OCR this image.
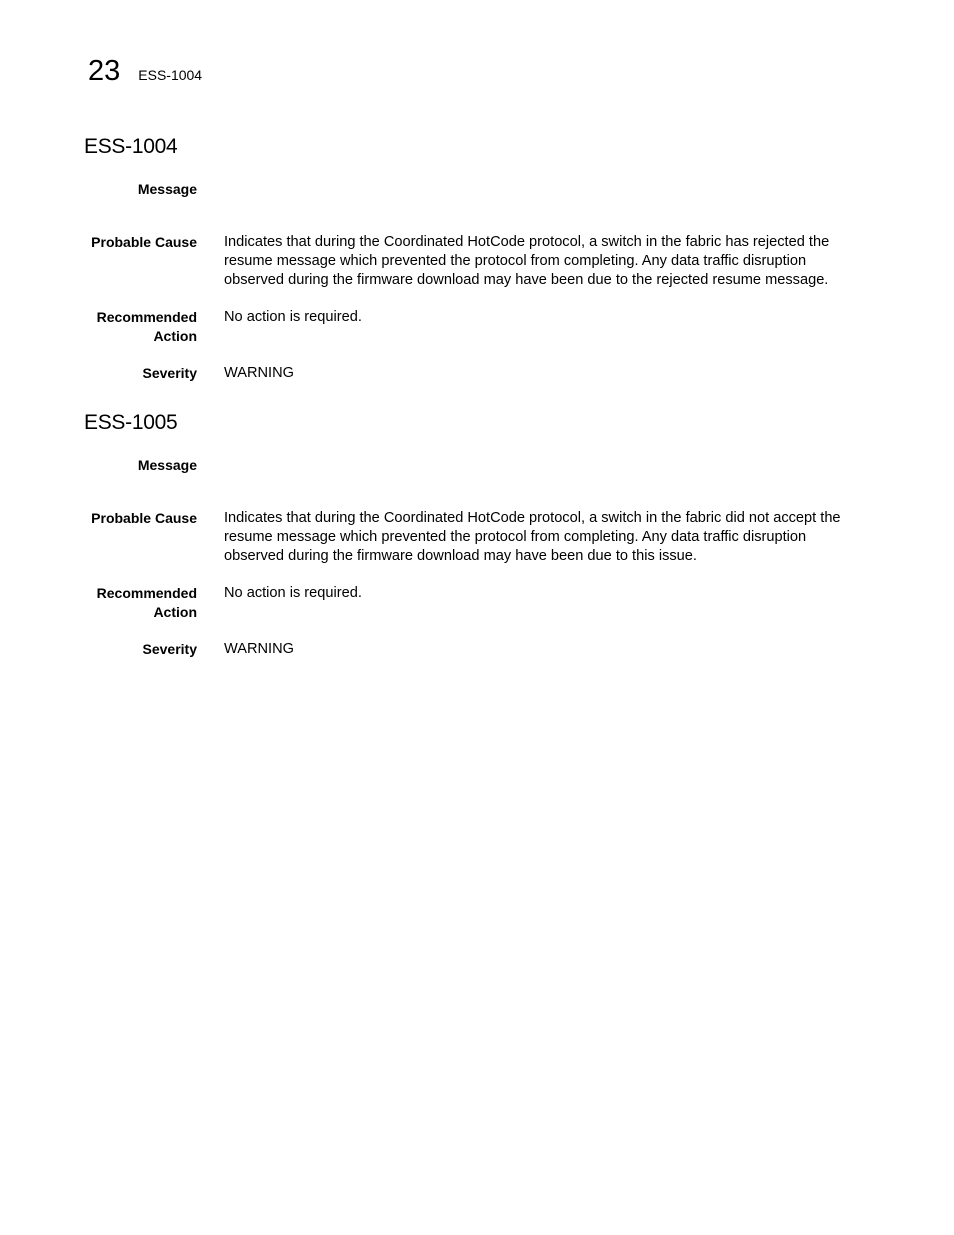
23 ESS-1004
ESS-1004
Message
Probable Cause Indicates that during the Coordinated HotCode protocol, a switch in the fabric has rejected the resume message which prevented the protocol from completing. Any data traffic disruption observed during the firmware download may have been due to the rejected resume message.
Recommended
Action
No action is required.
Severity WARNING
ESS-1005
Message
Probable Cause Indicates that during the Coordinated HotCode protocol, a switch in the fabric did not accept the resume message which prevented the protocol from completing. Any data traffic disruption observed during the firmware download may have been due to this issue.
Recommended
Action
No action is required.
Severity WARNING
